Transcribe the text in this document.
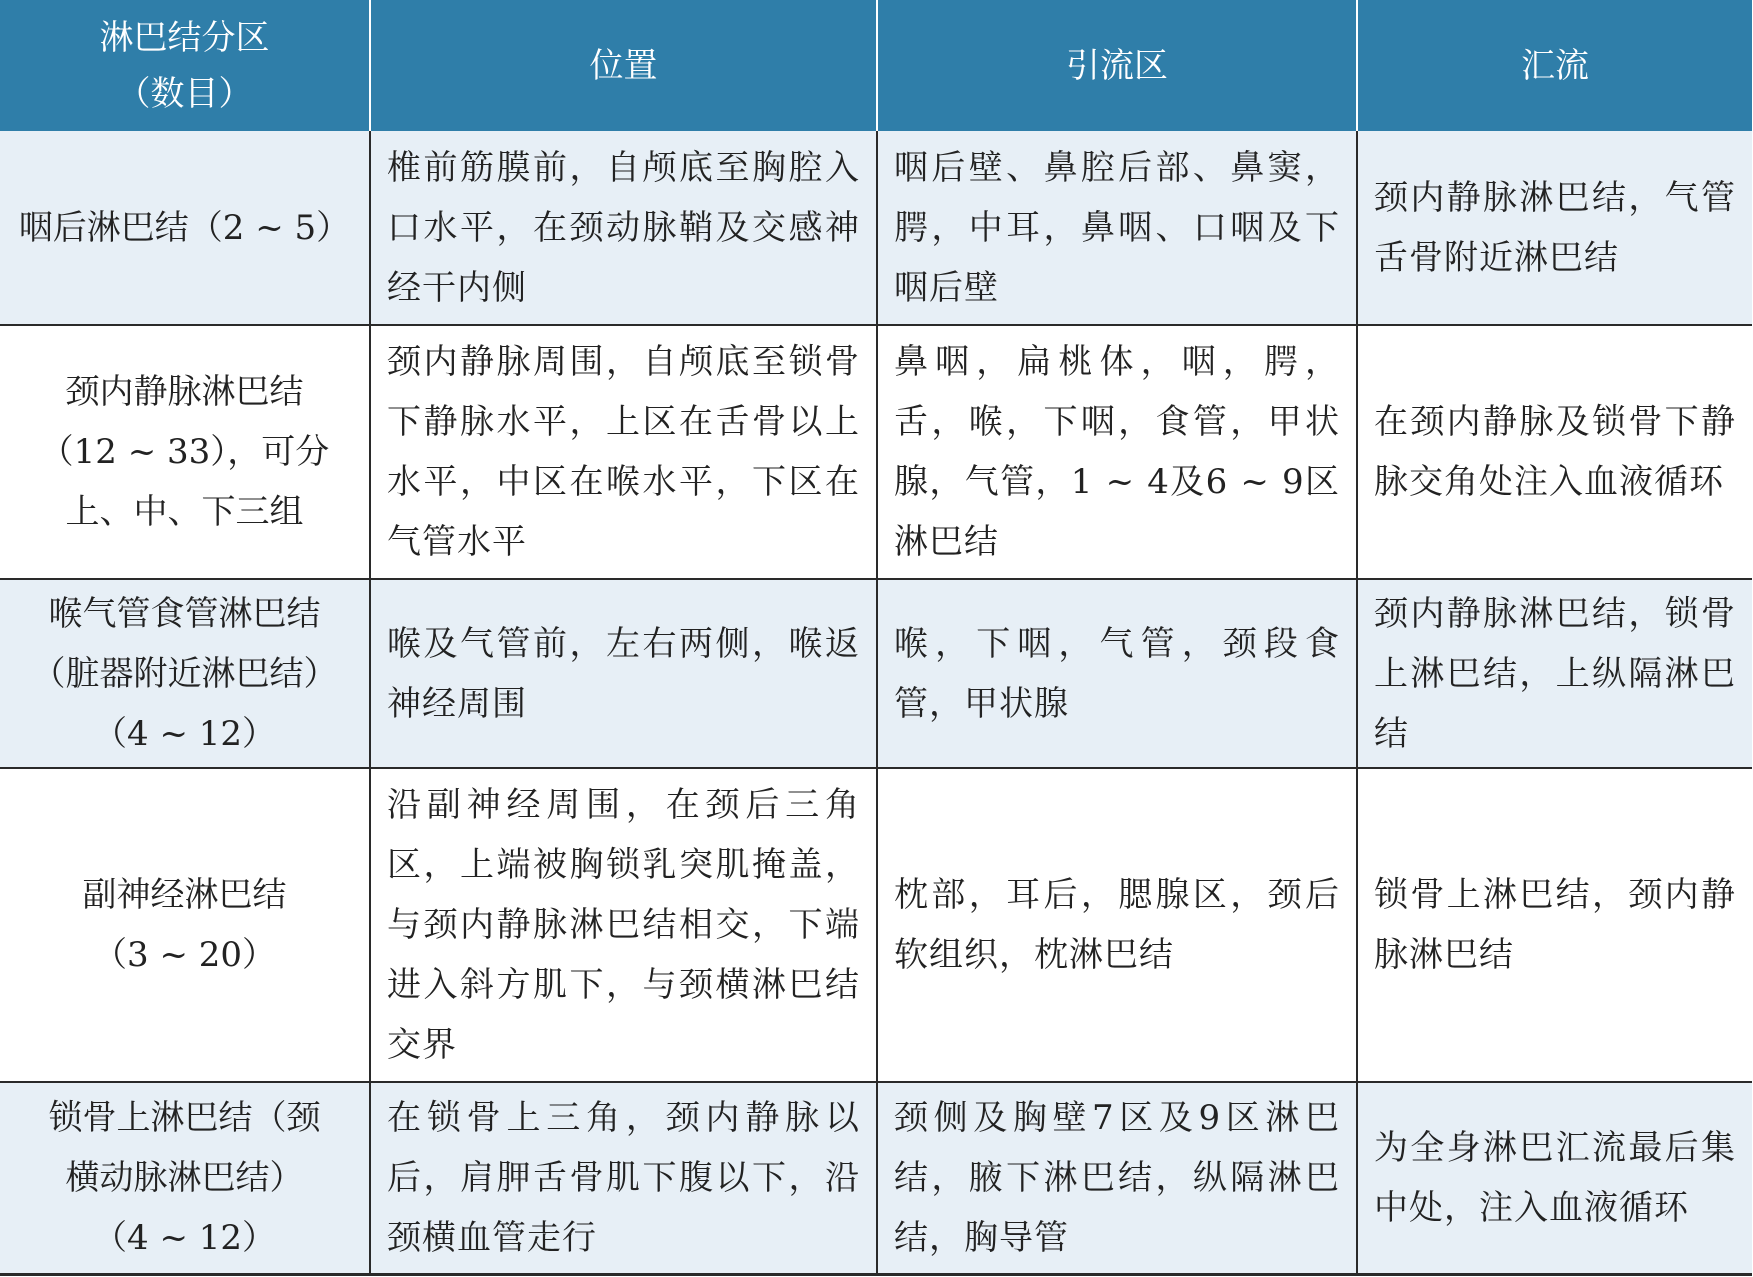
淋巴结分区
（数目）	位置	引流区	汇流

咽后淋巴结（2 ~ 5）	椎前筋膜前，自颅底至胸腔入口水平，在颈动脉鞘及交感神经干内侧	咽后壁、鼻腔后部、鼻窦，腭，中耳，鼻咽、口咽及下咽后壁	颈内静脉淋巴结，气管舌骨附近淋巴结

颈内静脉淋巴结
（12 ~ 33），可分
上、中、下三组	颈内静脉周围，自颅底至锁骨下静脉水平，上区在舌骨以上水平，中区在喉水平，下区在气管水平	鼻咽，扁桃体，咽，腭，舌，喉，下咽，食管，甲状腺，气管，1 ~ 4及6 ~ 9区淋巴结	在颈内静脉及锁骨下静脉交角处注入血液循环

喉气管食管淋巴结
（脏器附近淋巴结）
（4 ~ 12）	喉及气管前，左右两侧，喉返神经周围	喉，下咽，气管，颈段食管，甲状腺	颈内静脉淋巴结，锁骨上淋巴结，上纵隔淋巴结

副神经淋巴结
（3 ~ 20）	沿副神经周围，在颈后三角区，上端被胸锁乳突肌掩盖，与颈内静脉淋巴结相交，下端进入斜方肌下，与颈横淋巴结交界	枕部，耳后，腮腺区，颈后软组织，枕淋巴结	锁骨上淋巴结，颈内静脉淋巴结

锁骨上淋巴结（颈
横动脉淋巴结）
（4 ~ 12）	在锁骨上三角，颈内静脉以后，肩胛舌骨肌下腹以下，沿颈横血管走行	颈侧及胸壁7区及9区淋巴结，腋下淋巴结，纵隔淋巴结，胸导管	为全身淋巴汇流最后集中处，注入血液循环
